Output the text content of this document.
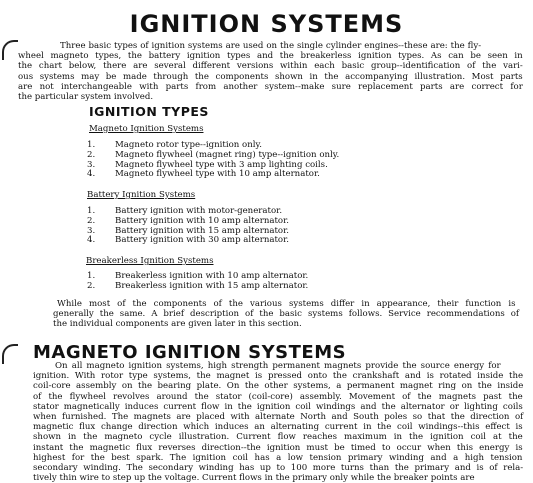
IGNITION SYSTEMS
Three basic types of ignition systems are used on the single cylinder engines--these are: the fly-
wheel magneto types, the battery ignition types and the breakerless ignition types. As can be seen in
the chart below, there are several different versions within each basic group--identification of the vari-
ous systems may be made through the components shown in the accompanying illustration. Most parts
are not interchangeable with parts from another system--make sure replacement parts are correct for
the particular system involved.
IGNITION TYPES
Magneto Ignition Systems
1.	Magneto rotor type--ignition only.
2.	Magneto flywheel (magnet ring) type--ignition only.
3.	Magneto flywheel type with 3 amp lighting coils.
4.	Magneto flywheel type with 10 amp alternator.
Battery Ignition Systems
1.	Battery ignition with motor-generator.
2.	Battery ignition with 10 amp alternator.
3.	Battery ignition with 15 amp alternator.
4.	Battery ignition with 30 amp alternator.
Breakerless Ignition Systems
1.	Breakerless ignition with 10 amp alternator.
2.	Breakerless ignition with 15 amp alternator.
While most of the components of the various systems differ in appearance, their function is
generally the same. A brief description of the basic systems follows. Service recommendations of
the individual components are given later in this section.
MAGNETO IGNITION SYSTEMS
On all magneto ignition systems, high strength permanent magnets provide the source energy for
ignition. With rotor type systems, the magnet is pressed onto the crankshaft and is rotated inside the
coil-core assembly on the bearing plate. On the other systems, a permanent magnet ring on the inside
of the flywheel revolves around the stator (coil-core) assembly. Movement of the magnets past the
stator magnetically induces current flow in the ignition coil windings and the alternator or lighting coils
when furnished. The magnets are placed with alternate North and South poles so that the direction of
magnetic flux change direction which induces an alternating current in the coil windings--this effect is
shown in the magneto cycle illustration. Current flow reaches maximum in the ignition coil at the
instant the magnetic flux reverses direction--the ignition must be timed to occur when this energy is
highest for the best spark. The ignition coil has a low tension primary winding and a high tension
secondary winding. The secondary winding has up to 100 more turns than the primary and is of rela-
tively thin wire to step up the voltage. Current flows in the primary only while the breaker points are
